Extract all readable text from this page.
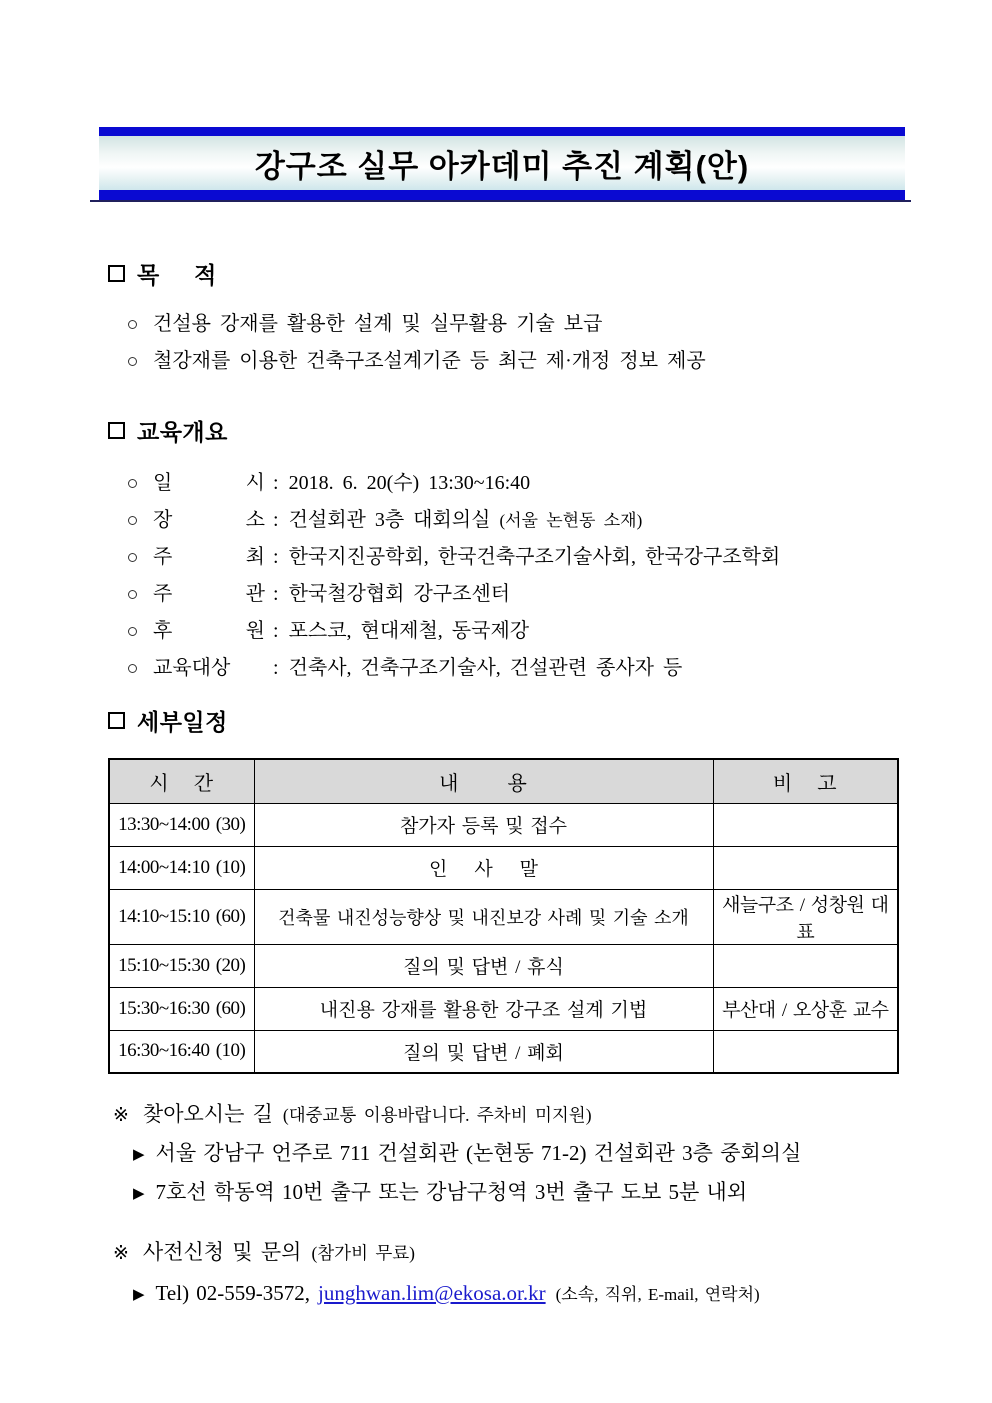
강구조 실무 아카데미 추진 계획(안)
목     적
건설용 강재를 활용한 설계 및 실무활용 기술 보급
철강재를 이용한 건축구조설계기준 등 최근 제·개정 정보 제공
교육개요
일 시 : 2018. 6. 20(수) 13:30~16:40
장 소 : 건설회관 3층 대회의실 (서울 논현동 소재)
주 최 : 한국지진공학회, 한국건축구조기술사회, 한국강구조학회
주 관 : 한국철강협회 강구조센터
후 원 : 포스코, 현대제철, 동국제강
교육대상	: 건축사, 건축구조기술사, 건설관련 종사자 등
세부일정
시    간	내        용	비    고
13:30~14:00 (30)	참가자 등록 및 접수	
14:00~14:10 (10)	인    사    말	
14:10~15:10 (60)	건축물 내진성능향상 및 내진보강 사례 및 기술 소개	새늘구조 / 성창원 대표
15:10~15:30 (20)	질의 및 답변 / 휴식	
15:30~16:30 (60)	내진용 강재를 활용한 강구조 설계 기법	부산대 / 오상훈 교수
16:30~16:40 (10)	질의 및 답변 / 폐회	
※ 찾아오시는 길 (대중교통 이용바랍니다. 주차비 미지원)
▶ 서울 강남구 언주로 711 건설회관 (논현동 71-2) 건설회관 3층 중회의실
▶ 7호선 학동역 10번 출구 또는 강남구청역 3번 출구 도보 5분 내외
※ 사전신청 및 문의 (참가비 무료)
▶ Tel) 02-559-3572, junghwan.lim@ekosa.or.kr (소속, 직위, E-mail, 연락처)
